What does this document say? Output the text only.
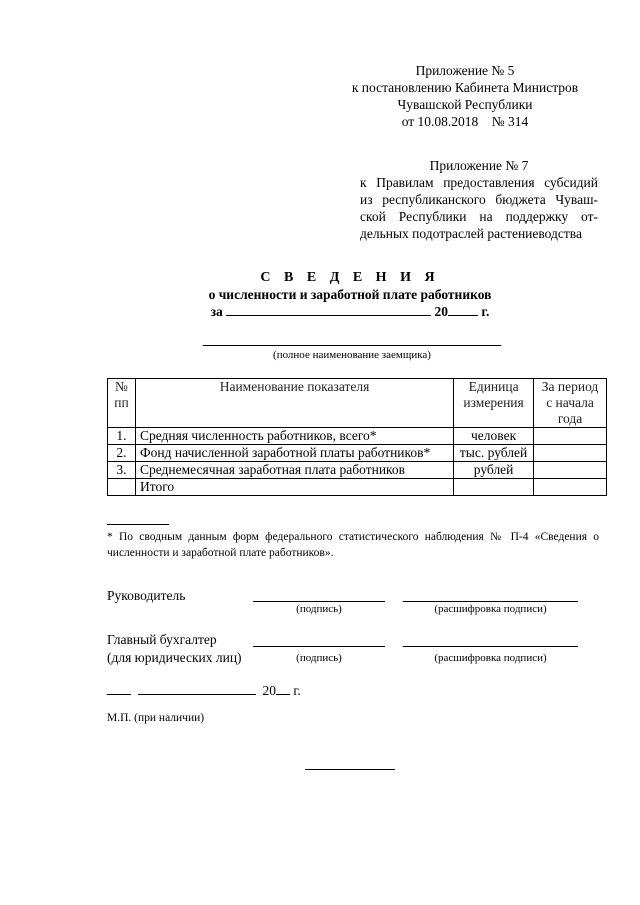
Приложение № 5
к постановлению Кабинета Министров
Чувашской Республики
от 10.08.2018    № 314
Приложение № 7
к Правилам предоставления субсидий
из республиканского бюджета Чуваш-
ской Республики на поддержку от-
дельных подотраслей растениеводства
С В Е Д Е Н И Я
о численности и заработной плате работников
за	20 г.
(полное наименование заемщика)
№ пп	Наименование показателя	Единица измерения	За период с начала года
1.	Средняя численность работников, всего*	человек	
2.	Фонд начисленной заработной платы работников*	тыс. рублей	
3.	Среднемесячная заработная плата работников	рублей	
	Итого		
* По сводным данным форм федерального статистического наблюдения № П-4 «Сведения о численности и заработной плате работников».
Руководитель
(подпись)	(расшифровка подписи)
Главный бухгалтер
(для юридических лиц)	(подпись)	(расшифровка подписи)
20 г.
М.П. (при наличии)
